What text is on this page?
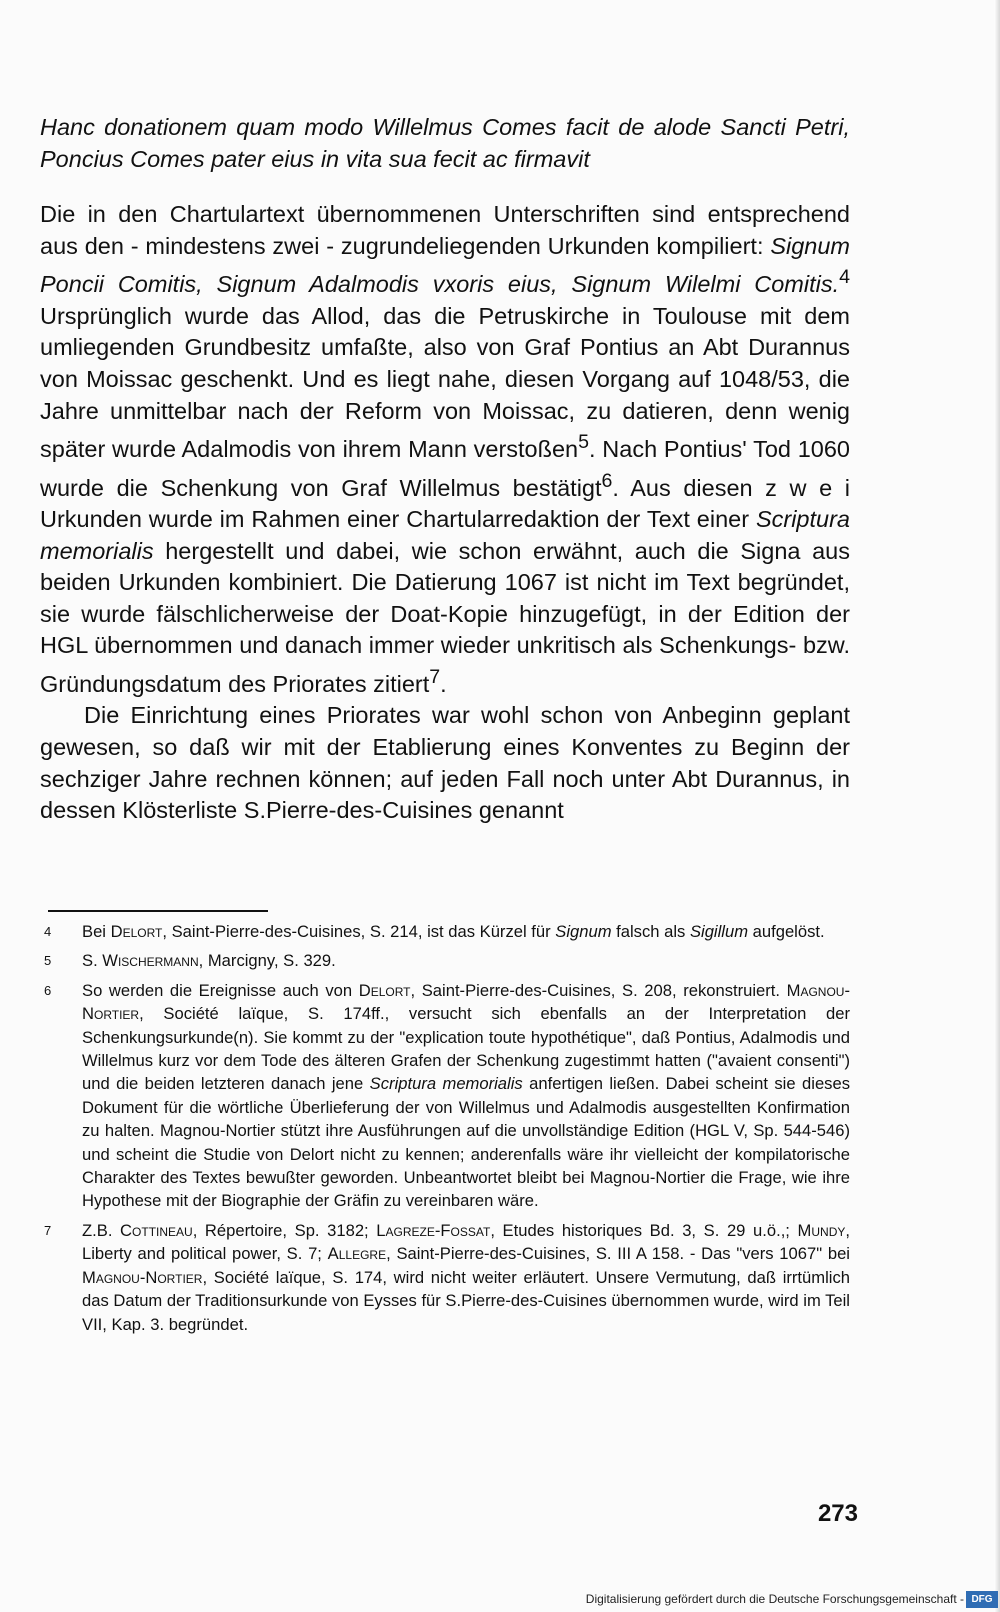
Hanc donationem quam modo Willelmus Comes facit de alode Sancti Petri, Poncius Comes pater eius in vita sua fecit ac firmavit

Die in den Chartulartext übernommenen Unterschriften sind entsprechend aus den - mindestens zwei - zugrundeliegenden Urkunden kompiliert: Signum Poncii Comitis, Signum Adalmodis vxoris eius, Signum Wilelmi Comitis.$^4$ Ursprünglich wurde das Allod, das die Petruskirche in Toulouse mit dem umliegenden Grundbesitz umfaßte, also von Graf Pontius an Abt Durannus von Moissac geschenkt. Und es liegt nahe, diesen Vorgang auf 1048/53, die Jahre unmittelbar nach der Reform von Moissac, zu datieren, denn wenig später wurde Adalmodis von ihrem Mann verstoßen$^5$. Nach Pontius' Tod 1060 wurde die Schenkung von Graf Willelmus bestätigt$^6$. Aus diesen z w e i Urkunden wurde im Rahmen einer Chartularredaktion der Text einer Scriptura memorialis hergestellt und dabei, wie schon erwähnt, auch die Signa aus beiden Urkunden kombiniert. Die Datierung 1067 ist nicht im Text begründet, sie wurde fälschlicherweise der Doat-Kopie hinzugefügt, in der Edition der HGL übernommen und danach immer wieder unkritisch als Schenkungs- bzw. Gründungsdatum des Priorates zitiert$^7$.

Die Einrichtung eines Priorates war wohl schon von Anbeginn geplant gewesen, so daß wir mit der Etablierung eines Konventes zu Beginn der sechziger Jahre rechnen können; auf jeden Fall noch unter Abt Durannus, in dessen Klösterliste S.Pierre-des-Cuisines genannt

4	Bei Delort, Saint-Pierre-des-Cuisines, S. 214, ist das Kürzel für Signum falsch als Sigillum aufgelöst.
5	S. Wischermann, Marcigny, S. 329.
6	So werden die Ereignisse auch von Delort, Saint-Pierre-des-Cuisines, S. 208, rekonstruiert. Magnou-Nortier, Société laïque, S. 174ff., versucht sich ebenfalls an der Interpretation der Schenkungsurkunde(n). Sie kommt zu der "explication toute hypothétique", daß Pontius, Adalmodis und Willelmus kurz vor dem Tode des älteren Grafen der Schenkung zugestimmt hatten ("avaient consenti") und die beiden letzteren danach jene Scriptura memorialis anfertigen ließen. Dabei scheint sie dieses Dokument für die wörtliche Überlieferung der von Willelmus und Adalmodis ausgestellten Konfirmation zu halten. Magnou-Nortier stützt ihre Ausführungen auf die unvollständige Edition (HGL V, Sp. 544-546) und scheint die Studie von Delort nicht zu kennen; anderenfalls wäre ihr vielleicht der kompilatorische Charakter des Textes bewußter geworden. Unbeantwortet bleibt bei Magnou-Nortier die Frage, wie ihre Hypothese mit der Biographie der Gräfin zu vereinbaren wäre.
7	Z.B. Cottineau, Répertoire, Sp. 3182; Lagreze-Fossat, Etudes historiques Bd. 3, S. 29 u.ö.,; Mundy, Liberty and political power, S. 7; Allegre, Saint-Pierre-des-Cuisines, S. III A 158. - Das "vers 1067" bei Magnou-Nortier, Société laïque, S. 174, wird nicht weiter erläutert. Unsere Vermutung, daß irrtümlich das Datum der Traditionsurkunde von Eysses für S.Pierre-des-Cuisines übernommen wurde, wird im Teil VII, Kap. 3. begründet.
273
Digitalisierung gefördert durch die Deutsche Forschungsgemeinschaft - DFG
